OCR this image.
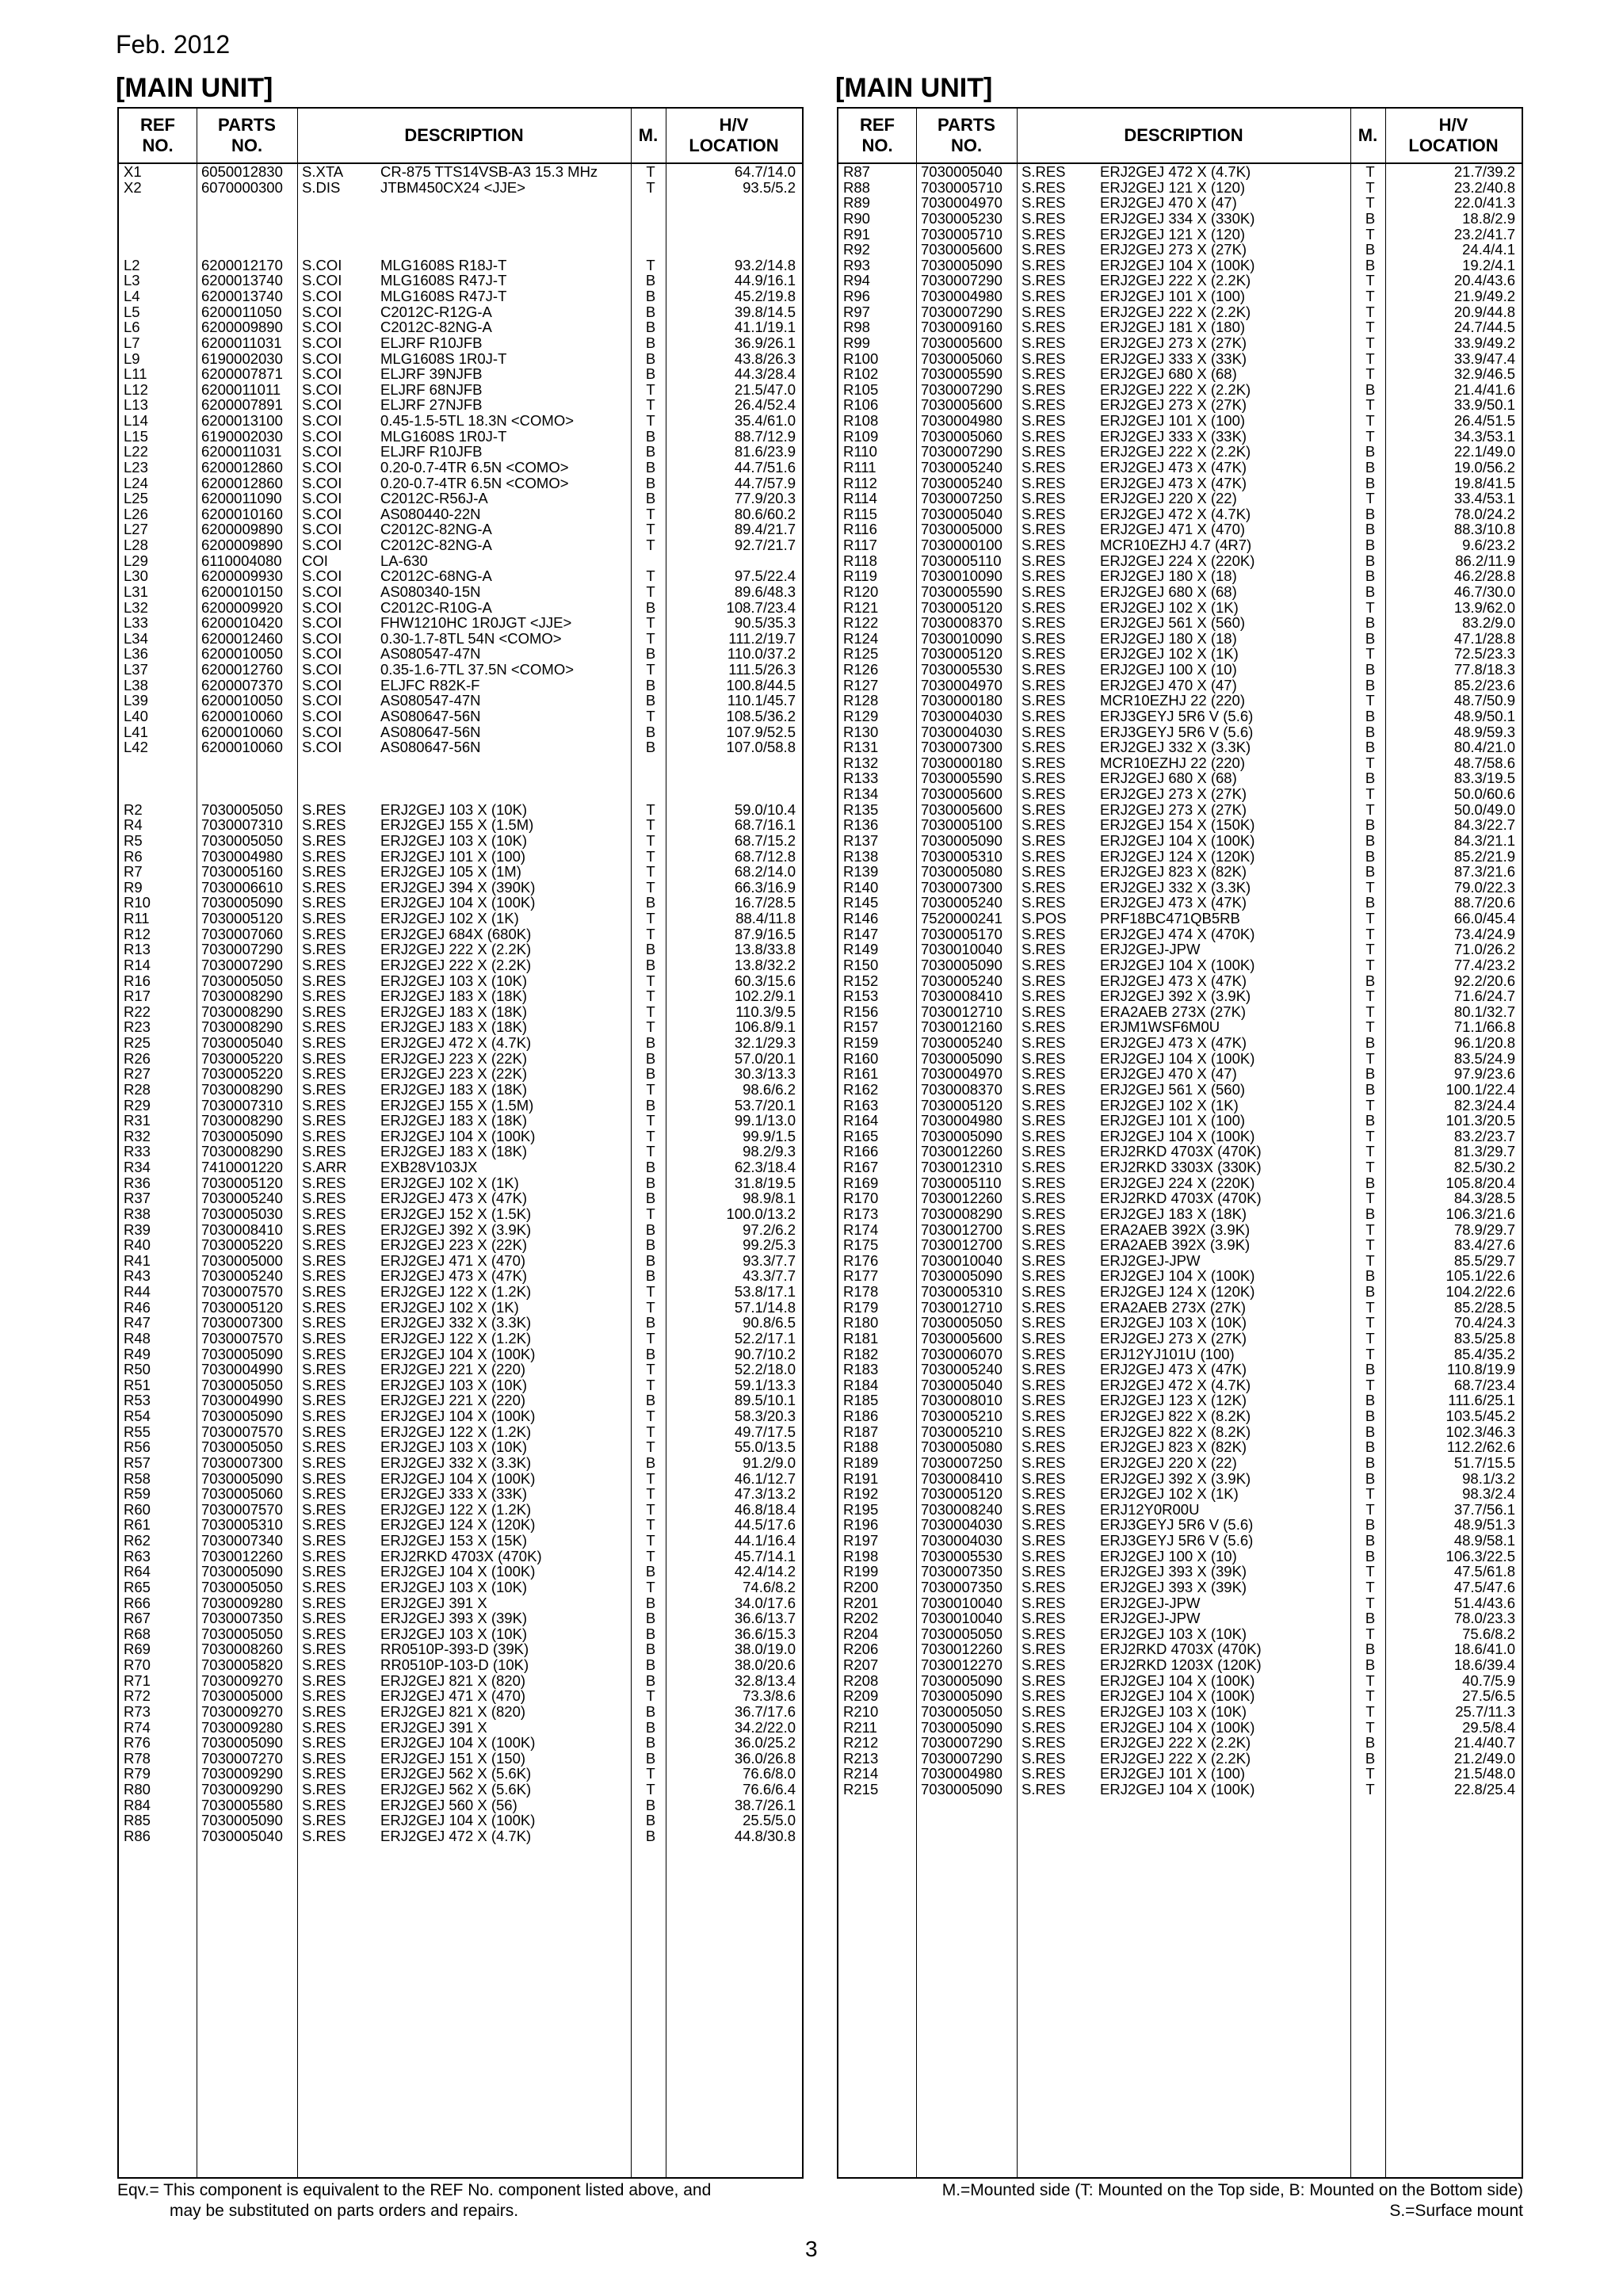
Feb. 2012
[MAIN UNIT]	[MAIN UNIT]
REF
NO.
PARTS
NO.
DESCRIPTION	M.
H/V
LOCATION
X1	6050012830 S.XTA	CR-875 TTS14VSB-A3 15.3 MHz	T	64.7/14.0
X2	6070000300 S.DIS	JTBM450CX24 <JJE>	T	93.5/5.2
L2	6200012170 S.COI	MLG1608S R18J-T	T	93.2/14.8
L3	6200013740 S.COI	MLG1608S R47J-T	B	44.9/16.1
L4	6200013740 S.COI	MLG1608S R47J-T	B	45.2/19.8
L5	6200011050 S.COI	C2012C-R12G-A	B	39.8/14.5
L6	6200009890 S.COI	C2012C-82NG-A	B	41.1/19.1
L7	6200011031 S.COI	ELJRF R10JFB	B	36.9/26.1
L9	6190002030 S.COI	MLG1608S 1R0J-T	B	43.8/26.3
L11	6200007871 S.COI	ELJRF 39NJFB	B	44.3/28.4
L12	6200011011 S.COI	ELJRF 68NJFB	T	21.5/47.0
L13	6200007891 S.COI	ELJRF 27NJFB	T	26.4/52.4
L14	6200013100 S.COI	0.45-1.5-5TL 18.3N <COMO>	T	35.4/61.0
L15	6190002030 S.COI	MLG1608S 1R0J-T	B	88.7/12.9
L22	6200011031 S.COI	ELJRF R10JFB	B	81.6/23.9
L23	6200012860 S.COI	0.20-0.7-4TR 6.5N <COMO>	B	44.7/51.6
L24	6200012860 S.COI	0.20-0.7-4TR 6.5N <COMO>	B	44.7/57.9
L25	6200011090 S.COI	C2012C-R56J-A	B	77.9/20.3
L26	6200010160 S.COI	AS080440-22N	T	80.6/60.2
L27	6200009890 S.COI	C2012C-82NG-A	T	89.4/21.7
L28	6200009890 S.COI	C2012C-82NG-A	T	92.7/21.7
L29	6110004080 COI	LA-630
L30	6200009930 S.COI	C2012C-68NG-A	T	97.5/22.4
L31	6200010150 S.COI	AS080340-15N	T	89.6/48.3
L32	6200009920 S.COI	C2012C-R10G-A	B	108.7/23.4
L33	6200010420 S.COI	FHW1210HC 1R0JGT <JJE>	T	90.5/35.3
L34	6200012460 S.COI	0.30-1.7-8TL 54N <COMO>	T	111.2/19.7
L36	6200010050 S.COI	AS080547-47N	B	110.0/37.2
L37	6200012760 S.COI	0.35-1.6-7TL 37.5N <COMO>	T	111.5/26.3
L38	6200007370 S.COI	ELJFC R82K-F	B	100.8/44.5
L39	6200010050 S.COI	AS080547-47N	B	110.1/45.7
L40	6200010060 S.COI	AS080647-56N	T	108.5/36.2
L41	6200010060 S.COI	AS080647-56N	B	107.9/52.5
L42	6200010060 S.COI	AS080647-56N	B	107.0/58.8
R2	7030005050 S.RES ERJ2GEJ 103 X (10K)	T	59.0/10.4
R4	7030007310 S.RES ERJ2GEJ 155 X (1.5M)	T	68.7/16.1
R5	7030005050 S.RES ERJ2GEJ 103 X (10K)	T	68.7/15.2
R6	7030004980 S.RES ERJ2GEJ 101 X (100)	T	68.7/12.8
R7	7030005160 S.RES ERJ2GEJ 105 X (1M)	T	68.2/14.0
R9	7030006610 S.RES ERJ2GEJ 394 X (390K)	T	66.3/16.9
R10	7030005090 S.RES ERJ2GEJ 104 X (100K)	B	16.7/28.5
R11	7030005120 S.RES ERJ2GEJ 102 X (1K)	T	88.4/11.8
R12	7030007060 S.RES ERJ2GEJ 684X (680K)	T	87.9/16.5
R13	7030007290 S.RES ERJ2GEJ 222 X (2.2K)	B	13.8/33.8
R14	7030007290 S.RES ERJ2GEJ 222 X (2.2K)	B	13.8/32.2
R16	7030005050 S.RES ERJ2GEJ 103 X (10K)	T	60.3/15.6
R17	7030008290 S.RES ERJ2GEJ 183 X (18K)	T	102.2/9.1
R22	7030008290 S.RES ERJ2GEJ 183 X (18K)	T	110.3/9.5
R23	7030008290 S.RES ERJ2GEJ 183 X (18K)	T	106.8/9.1
R25	7030005040 S.RES ERJ2GEJ 472 X (4.7K)	B	32.1/29.3
R26	7030005220 S.RES ERJ2GEJ 223 X (22K)	B	57.0/20.1
R27	7030005220 S.RES ERJ2GEJ 223 X (22K)	B	30.3/13.3
R28	7030008290 S.RES ERJ2GEJ 183 X (18K)	T	98.6/6.2
R29	7030007310 S.RES ERJ2GEJ 155 X (1.5M)	B	53.7/20.1
R31	7030008290 S.RES ERJ2GEJ 183 X (18K)	T	99.1/13.0
R32	7030005090 S.RES ERJ2GEJ 104 X (100K)	T	99.9/1.5
R33	7030008290 S.RES ERJ2GEJ 183 X (18K)	T	98.2/9.3
R34	7410001220 S.ARR EXB28V103JX	B	62.3/18.4
R36	7030005120 S.RES ERJ2GEJ 102 X (1K)	B	31.8/19.5
R37	7030005240 S.RES ERJ2GEJ 473 X (47K)	B	98.9/8.1
R38	7030005030 S.RES ERJ2GEJ 152 X (1.5K)	T	100.0/13.2
R39	7030008410 S.RES ERJ2GEJ 392 X (3.9K)	B	97.2/6.2
R40	7030005220 S.RES ERJ2GEJ 223 X (22K)	B	99.2/5.3
R41	7030005000 S.RES ERJ2GEJ 471 X (470)	B	93.3/7.7
R43	7030005240 S.RES ERJ2GEJ 473 X (47K)	B	43.3/7.7
R44	7030007570 S.RES ERJ2GEJ 122 X (1.2K)	T	53.8/17.1
R46	7030005120 S.RES ERJ2GEJ 102 X (1K)	T	57.1/14.8
R47	7030007300 S.RES ERJ2GEJ 332 X (3.3K)	B	90.8/6.5
R48	7030007570 S.RES ERJ2GEJ 122 X (1.2K)	T	52.2/17.1
R49	7030005090 S.RES ERJ2GEJ 104 X (100K)	B	90.7/10.2
R50	7030004990 S.RES ERJ2GEJ 221 X (220)	T	52.2/18.0
R51	7030005050 S.RES ERJ2GEJ 103 X (10K)	T	59.1/13.3
R53	7030004990 S.RES ERJ2GEJ 221 X (220)	B	89.5/10.1
R54	7030005090 S.RES ERJ2GEJ 104 X (100K)	T	58.3/20.3
R55	7030007570 S.RES ERJ2GEJ 122 X (1.2K)	T	49.7/17.5
R56	7030005050 S.RES ERJ2GEJ 103 X (10K)	T	55.0/13.5
R57	7030007300 S.RES ERJ2GEJ 332 X (3.3K)	B	91.2/9.0
R58	7030005090 S.RES ERJ2GEJ 104 X (100K)	T	46.1/12.7
R59	7030005060 S.RES ERJ2GEJ 333 X (33K)	T	47.3/13.2
R60	7030007570 S.RES ERJ2GEJ 122 X (1.2K)	T	46.8/18.4
R61	7030005310 S.RES ERJ2GEJ 124 X (120K)	T	44.5/17.6
R62	7030007340 S.RES ERJ2GEJ 153 X (15K)	T	44.1/16.4
R63	7030012260 S.RES ERJ2RKD 4703X (470K)	T	45.7/14.1
R64	7030005090 S.RES ERJ2GEJ 104 X (100K)	B	42.4/14.2
R65	7030005050 S.RES ERJ2GEJ 103 X (10K)	T	74.6/8.2
R66	7030009280 S.RES ERJ2GEJ 391 X	B	34.0/17.6
R67	7030007350 S.RES ERJ2GEJ 393 X (39K)	B	36.6/13.7
R68	7030005050 S.RES ERJ2GEJ 103 X (10K)	B	36.6/15.3
R69	7030008260 S.RES RR0510P-393-D (39K)	B	38.0/19.0
R70	7030005820 S.RES RR0510P-103-D (10K)	B	38.0/20.6
R71	7030009270 S.RES ERJ2GEJ 821 X (820)	B	32.8/13.4
R72	7030005000 S.RES ERJ2GEJ 471 X (470)	T	73.3/8.6
R73	7030009270 S.RES ERJ2GEJ 821 X (820)	B	36.7/17.6
R74	7030009280 S.RES ERJ2GEJ 391 X	B	34.2/22.0
R76	7030005090 S.RES ERJ2GEJ 104 X (100K)	B	36.0/25.2
R78	7030007270 S.RES ERJ2GEJ 151 X (150)	B	36.0/26.8
R79	7030009290 S.RES ERJ2GEJ 562 X (5.6K)	T	76.6/8.0
R80	7030009290 S.RES ERJ2GEJ 562 X (5.6K)	T	76.6/6.4
R84	7030005580 S.RES ERJ2GEJ 560 X (56)	B	38.7/26.1
R85	7030005090 S.RES ERJ2GEJ 104 X (100K)	B	25.5/5.0
R86	7030005040 S.RES ERJ2GEJ 472 X (4.7K)	B	44.8/30.8
REF
NO.
PARTS
NO.
DESCRIPTION	M.
H/V
LOCATION
R87	7030005040 S.RES ERJ2GEJ 472 X (4.7K)	T	21.7/39.2
R88	7030005710 S.RES ERJ2GEJ 121 X (120)	T	23.2/40.8
R89	7030004970 S.RES ERJ2GEJ 470 X (47)	T	22.0/41.3
R90	7030005230 S.RES ERJ2GEJ 334 X (330K)	B	18.8/2.9
R91	7030005710 S.RES ERJ2GEJ 121 X (120)	T	23.2/41.7
R92	7030005600 S.RES ERJ2GEJ 273 X (27K)	B	24.4/4.1
R93	7030005090 S.RES ERJ2GEJ 104 X (100K)	B	19.2/4.1
R94	7030007290 S.RES ERJ2GEJ 222 X (2.2K)	T	20.4/43.6
R96	7030004980 S.RES ERJ2GEJ 101 X (100)	T	21.9/49.2
R97	7030007290 S.RES ERJ2GEJ 222 X (2.2K)	T	20.9/44.8
R98	7030009160 S.RES ERJ2GEJ 181 X (180)	T	24.7/44.5
R99	7030005600 S.RES ERJ2GEJ 273 X (27K)	T	33.9/49.2
R100	7030005060 S.RES ERJ2GEJ 333 X (33K)	T	33.9/47.4
R102	7030005590 S.RES ERJ2GEJ 680 X (68)	T	32.9/46.5
R105	7030007290 S.RES ERJ2GEJ 222 X (2.2K)	B	21.4/41.6
R106	7030005600 S.RES ERJ2GEJ 273 X (27K)	T	33.9/50.1
R108	7030004980 S.RES ERJ2GEJ 101 X (100)	T	26.4/51.5
R109	7030005060 S.RES ERJ2GEJ 333 X (33K)	T	34.3/53.1
R110	7030007290 S.RES ERJ2GEJ 222 X (2.2K)	B	22.1/49.0
R111	7030005240 S.RES ERJ2GEJ 473 X (47K)	B	19.0/56.2
R112	7030005240 S.RES ERJ2GEJ 473 X (47K)	B	19.8/41.5
R114	7030007250 S.RES ERJ2GEJ 220 X (22)	T	33.4/53.1
R115	7030005040 S.RES ERJ2GEJ 472 X (4.7K)	B	78.0/24.2
R116	7030005000 S.RES ERJ2GEJ 471 X (470)	B	88.3/10.8
R117	7030000100 S.RES MCR10EZHJ 4.7 (4R7)	B	9.6/23.2
R118	7030005110 S.RES ERJ2GEJ 224 X (220K)	B	86.2/11.9
R119	7030010090 S.RES ERJ2GEJ 180 X (18)	B	46.2/28.8
R120	7030005590 S.RES ERJ2GEJ 680 X (68)	B	46.7/30.0
R121	7030005120 S.RES ERJ2GEJ 102 X (1K)	T	13.9/62.0
R122	7030008370 S.RES ERJ2GEJ 561 X (560)	B	83.2/9.0
R124	7030010090 S.RES ERJ2GEJ 180 X (18)	B	47.1/28.8
R125	7030005120 S.RES ERJ2GEJ 102 X (1K)	T	72.5/23.3
R126	7030005530 S.RES ERJ2GEJ 100 X (10)	B	77.8/18.3
R127	7030004970 S.RES ERJ2GEJ 470 X (47)	B	85.2/23.6
R128	7030000180 S.RES MCR10EZHJ 22 (220)	T	48.7/50.9
R129	7030004030 S.RES ERJ3GEYJ 5R6 V (5.6)	B	48.9/50.1
R130	7030004030 S.RES ERJ3GEYJ 5R6 V (5.6)	B	48.9/59.3
R131	7030007300 S.RES ERJ2GEJ 332 X (3.3K)	B	80.4/21.0
R132	7030000180 S.RES MCR10EZHJ 22 (220)	T	48.7/58.6
R133	7030005590 S.RES ERJ2GEJ 680 X (68)	B	83.3/19.5
R134	7030005600 S.RES ERJ2GEJ 273 X (27K)	T	50.0/60.6
R135	7030005600 S.RES ERJ2GEJ 273 X (27K)	T	50.0/49.0
R136	7030005100 S.RES ERJ2GEJ 154 X (150K)	B	84.3/22.7
R137	7030005090 S.RES ERJ2GEJ 104 X (100K)	B	84.3/21.1
R138	7030005310 S.RES ERJ2GEJ 124 X (120K)	B	85.2/21.9
R139	7030005080 S.RES ERJ2GEJ 823 X (82K)	B	87.3/21.6
R140	7030007300 S.RES ERJ2GEJ 332 X (3.3K)	T	79.0/22.3
R145	7030005240 S.RES ERJ2GEJ 473 X (47K)	B	88.7/20.6
R146	7520000241 S.POS PRF18BC471QB5RB	T	66.0/45.4
R147	7030005170 S.RES ERJ2GEJ 474 X (470K)	T	73.4/24.9
R149	7030010040 S.RES ERJ2GEJ-JPW	T	71.0/26.2
R150	7030005090 S.RES ERJ2GEJ 104 X (100K)	T	77.4/23.2
R152	7030005240 S.RES ERJ2GEJ 473 X (47K)	B	92.2/20.6
R153	7030008410 S.RES ERJ2GEJ 392 X (3.9K)	T	71.6/24.7
R156	7030012710 S.RES ERA2AEB 273X (27K)	T	80.1/32.7
R157	7030012160 S.RES ERJM1WSF6M0U	T	71.1/66.8
R159	7030005240 S.RES ERJ2GEJ 473 X (47K)	B	96.1/20.8
R160	7030005090 S.RES ERJ2GEJ 104 X (100K)	T	83.5/24.9
R161	7030004970 S.RES ERJ2GEJ 470 X (47)	B	97.9/23.6
R162	7030008370 S.RES ERJ2GEJ 561 X (560)	B	100.1/22.4
R163	7030005120 S.RES ERJ2GEJ 102 X (1K)	T	82.3/24.4
R164	7030004980 S.RES ERJ2GEJ 101 X (100)	B	101.3/20.5
R165	7030005090 S.RES ERJ2GEJ 104 X (100K)	T	83.2/23.7
R166	7030012260 S.RES ERJ2RKD 4703X (470K)	T	81.3/29.7
R167	7030012310 S.RES ERJ2RKD 3303X (330K)	T	82.5/30.2
R169	7030005110 S.RES ERJ2GEJ 224 X (220K)	B	105.8/20.4
R170	7030012260 S.RES ERJ2RKD 4703X (470K)	T	84.3/28.5
R173	7030008290 S.RES ERJ2GEJ 183 X (18K)	B	106.3/21.6
R174	7030012700 S.RES ERA2AEB 392X (3.9K)	T	78.9/29.7
R175	7030012700 S.RES ERA2AEB 392X (3.9K)	T	83.4/27.6
R176	7030010040 S.RES ERJ2GEJ-JPW	T	85.5/29.7
R177	7030005090 S.RES ERJ2GEJ 104 X (100K)	B	105.1/22.6
R178	7030005310 S.RES ERJ2GEJ 124 X (120K)	B	104.2/22.6
R179	7030012710 S.RES ERA2AEB 273X (27K)	T	85.2/28.5
R180	7030005050 S.RES ERJ2GEJ 103 X (10K)	T	70.4/24.3
R181	7030005600 S.RES ERJ2GEJ 273 X (27K)	T	83.5/25.8
R182	7030006070 S.RES ERJ12YJ101U (100)	T	85.4/35.2
R183	7030005240 S.RES ERJ2GEJ 473 X (47K)	B	110.8/19.9
R184	7030005040 S.RES ERJ2GEJ 472 X (4.7K)	T	68.7/23.4
R185	7030008010 S.RES ERJ2GEJ 123 X (12K)	B	111.6/25.1
R186	7030005210 S.RES ERJ2GEJ 822 X (8.2K)	B	103.5/45.2
R187	7030005210 S.RES ERJ2GEJ 822 X (8.2K)	B	102.3/46.3
R188	7030005080 S.RES ERJ2GEJ 823 X (82K)	B	112.2/62.6
R189	7030007250 S.RES ERJ2GEJ 220 X (22)	B	51.7/15.5
R191	7030008410 S.RES ERJ2GEJ 392 X (3.9K)	B	98.1/3.2
R192	7030005120 S.RES ERJ2GEJ 102 X (1K)	T	98.3/2.4
R195	7030008240 S.RES ERJ12Y0R00U	T	37.7/56.1
R196	7030004030 S.RES ERJ3GEYJ 5R6 V (5.6)	B	48.9/51.3
R197	7030004030 S.RES ERJ3GEYJ 5R6 V (5.6)	B	48.9/58.1
R198	7030005530 S.RES ERJ2GEJ 100 X (10)	B	106.3/22.5
R199	7030007350 S.RES ERJ2GEJ 393 X (39K)	T	47.5/61.8
R200	7030007350 S.RES ERJ2GEJ 393 X (39K)	T	47.5/47.6
R201	7030010040 S.RES ERJ2GEJ-JPW	T	51.4/43.6
R202	7030010040 S.RES ERJ2GEJ-JPW	B	78.0/23.3
R204	7030005050 S.RES ERJ2GEJ 103 X (10K)	T	75.6/8.2
R206	7030012260 S.RES ERJ2RKD 4703X (470K)	B	18.6/41.0
R207	7030012270 S.RES ERJ2RKD 1203X (120K)	B	18.6/39.4
R208	7030005090 S.RES ERJ2GEJ 104 X (100K)	T	40.7/5.9
R209	7030005090 S.RES ERJ2GEJ 104 X (100K)	T	27.5/6.5
R210	7030005050 S.RES ERJ2GEJ 103 X (10K)	T	25.7/11.3
R211	7030005090 S.RES ERJ2GEJ 104 X (100K)	T	29.5/8.4
R212	7030007290 S.RES ERJ2GEJ 222 X (2.2K)	B	21.4/40.7
R213	7030007290 S.RES ERJ2GEJ 222 X (2.2K)	B	21.2/49.0
R214	7030004980 S.RES ERJ2GEJ 101 X (100)	T	21.5/48.0
R215	7030005090 S.RES ERJ2GEJ 104 X (100K)	T	22.8/25.4
Eqv.= This component is equivalent to the REF No. component listed above, and
may be substituted on parts orders and repairs.
M.=Mounted side (T: Mounted on the Top side, B: Mounted on the Bottom side)
S.=Surface mount
3
